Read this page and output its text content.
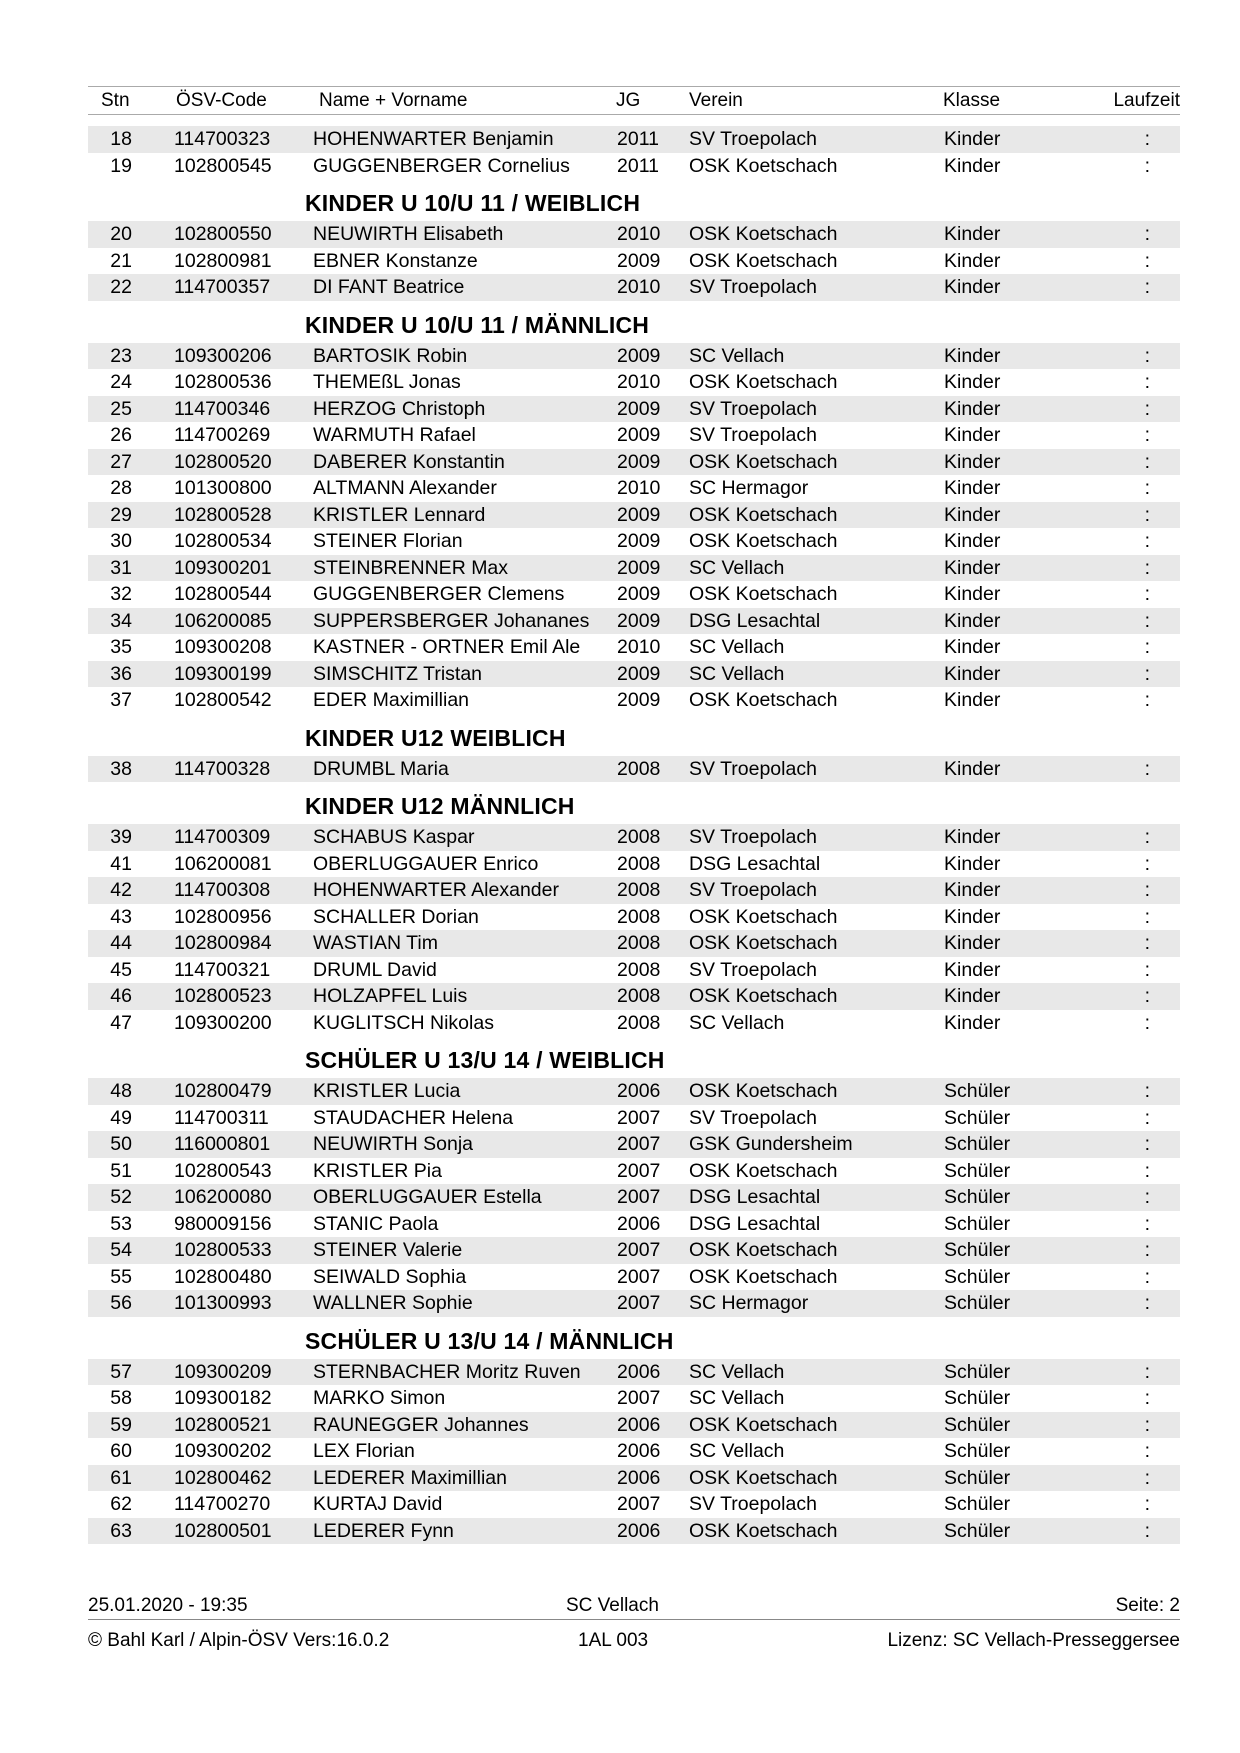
Stn ÖSV-Code	Name + Vorname	JG	Verein	Klasse	Laufzeit
18 114700323 HOHENWARTER Benjamin	2011 SV Troepolach	Kinder	:
19 102800545 GUGGENBERGER Cornelius 2011 OSK Koetschach	Kinder	:
KINDER U 10/U 11 / WEIBLICH
20 102800550 NEUWIRTH Elisabeth	2010 OSK Koetschach	Kinder	:
21 102800981 EBNER Konstanze	2009 OSK Koetschach	Kinder	:
22 114700357 DI FANT Beatrice	2010 SV Troepolach	Kinder	:
KINDER U 10/U 11 / MÄNNLICH
23 109300206 BARTOSIK Robin	2009 SC Vellach	Kinder	:
24 102800536 THEMEßL Jonas	2010 OSK Koetschach	Kinder	:
25 114700346 HERZOG Christoph	2009 SV Troepolach	Kinder	:
26 114700269 WARMUTH Rafael	2009 SV Troepolach	Kinder	:
27 102800520 DABERER Konstantin	2009 OSK Koetschach	Kinder	:
28 101300800 ALTMANN Alexander	2010 SC Hermagor	Kinder	:
29 102800528 KRISTLER Lennard	2009 OSK Koetschach	Kinder	:
30 102800534 STEINER Florian	2009 OSK Koetschach	Kinder	:
31 109300201 STEINBRENNER Max	2009 SC Vellach	Kinder	:
32 102800544 GUGGENBERGER Clemens	2009 OSK Koetschach	Kinder	:
34 106200085 SUPPERSBERGER Johananes 2009 DSG Lesachtal	Kinder	:
35 109300208 KASTNER - ORTNER Emil Ale 2010 SC Vellach	Kinder	:
36 109300199 SIMSCHITZ Tristan	2009 SC Vellach	Kinder	:
37 102800542 EDER Maximillian	2009 OSK Koetschach	Kinder	:
KINDER U12 WEIBLICH
38 114700328 DRUMBL Maria	2008 SV Troepolach	Kinder	:
KINDER U12 MÄNNLICH
39 114700309 SCHABUS Kaspar	2008 SV Troepolach	Kinder	:
41 106200081 OBERLUGGAUER Enrico	2008 DSG Lesachtal	Kinder	:
42 114700308 HOHENWARTER Alexander	2008 SV Troepolach	Kinder	:
43 102800956 SCHALLER Dorian	2008 OSK Koetschach	Kinder	:
44 102800984 WASTIAN Tim	2008 OSK Koetschach	Kinder	:
45 114700321 DRUML David	2008 SV Troepolach	Kinder	:
46 102800523 HOLZAPFEL Luis	2008 OSK Koetschach	Kinder	:
47 109300200 KUGLITSCH Nikolas	2008 SC Vellach	Kinder	:
SCHÜLER U 13/U 14 / WEIBLICH
48 102800479 KRISTLER Lucia	2006 OSK Koetschach	Schüler	:
49 114700311 STAUDACHER Helena	2007 SV Troepolach	Schüler	:
50 116000801 NEUWIRTH Sonja	2007 GSK Gundersheim	Schüler	:
51 102800543 KRISTLER Pia	2007 OSK Koetschach	Schüler	:
52 106200080 OBERLUGGAUER Estella	2007 DSG Lesachtal	Schüler	:
53 980009156 STANIC Paola	2006 DSG Lesachtal	Schüler	:
54 102800533 STEINER Valerie	2007 OSK Koetschach	Schüler	:
55 102800480 SEIWALD Sophia	2007 OSK Koetschach	Schüler	:
56 101300993 WALLNER Sophie	2007 SC Hermagor	Schüler	:
SCHÜLER U 13/U 14 / MÄNNLICH
57 109300209 STERNBACHER Moritz Ruven 2006 SC Vellach	Schüler	:
58 109300182 MARKO Simon	2007 SC Vellach	Schüler	:
59 102800521 RAUNEGGER Johannes	2006 OSK Koetschach	Schüler	:
60 109300202 LEX Florian	2006 SC Vellach	Schüler	:
61 102800462 LEDERER Maximillian	2006 OSK Koetschach	Schüler	:
62 114700270 KURTAJ David	2007 SV Troepolach	Schüler	:
63 102800501 LEDERER Fynn	2006 OSK Koetschach	Schüler	:
25.01.2020 - 19:35	SC Vellach	Seite: 2
© Bahl Karl / Alpin-ÖSV Vers:16.0.2	1AL 003	Lizenz: SC Vellach-Presseggersee
